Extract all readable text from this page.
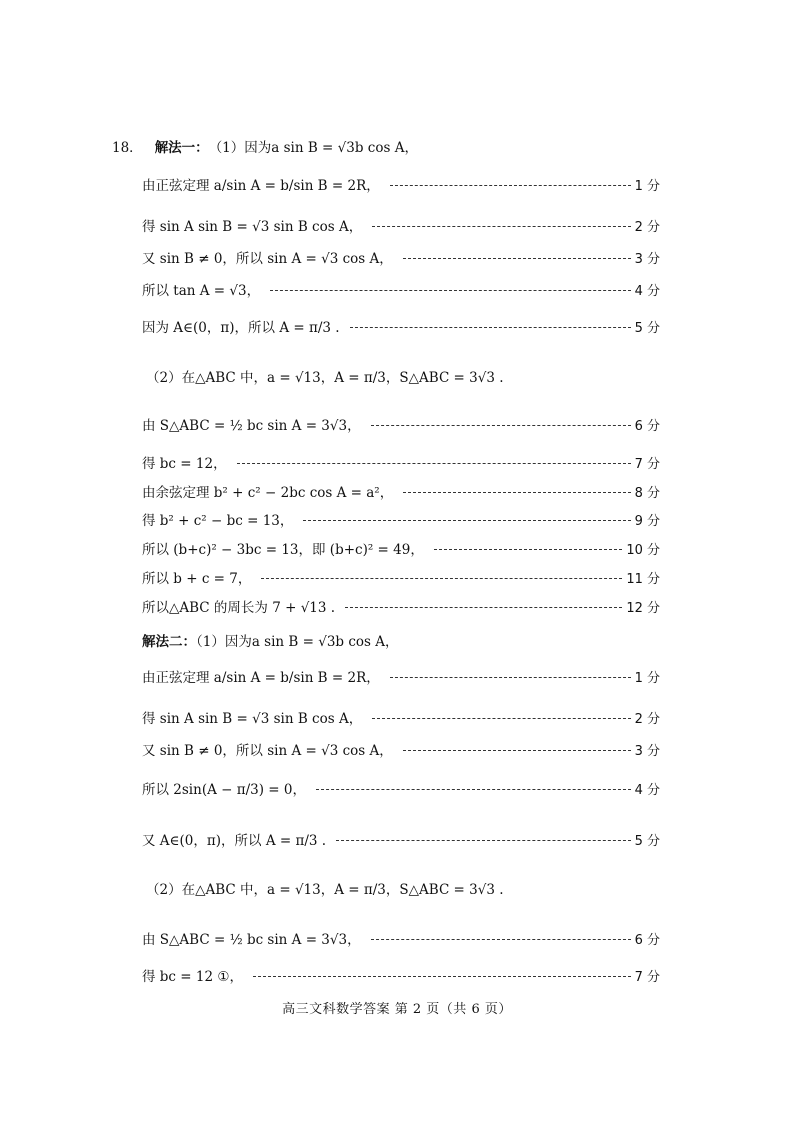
18． 解法一： （1）因为a sin B = √3b cos A，
由正弦定理 a/sin A = b/sin B = 2R，	1 分
得 sin A sin B = √3 sin B cos A，	2 分
又 sin B ≠ 0，所以 sin A = √3 cos A，	3 分
所以 tan A = √3，	4 分
因为 A∈(0，π)，所以 A = π/3 .	5 分
（2）在△ABC 中，a = √13，A = π/3，S△ABC = 3√3 .
由 S△ABC = ½ bc sin A = 3√3，	6 分
得 bc = 12，	7 分
由余弦定理 b² + c² − 2bc cos A = a²，	8 分
得 b² + c² − bc = 13，	9 分
所以 (b+c)² − 3bc = 13，即 (b+c)² = 49，	10 分
所以 b + c = 7，	11 分
所以△ABC 的周长为 7 + √13 .	12 分
解法二：（1）因为a sin B = √3b cos A，
由正弦定理 a/sin A = b/sin B = 2R，	1 分
得 sin A sin B = √3 sin B cos A，	2 分
又 sin B ≠ 0，所以 sin A = √3 cos A，	3 分
所以 2sin(A − π/3) = 0，	4 分
又 A∈(0，π)，所以 A = π/3 .	5 分
（2）在△ABC 中，a = √13，A = π/3，S△ABC = 3√3 .
由 S△ABC = ½ bc sin A = 3√3，	6 分
得 bc = 12 ①，	7 分
高三文科数学答案 第 2 页（共 6 页）
